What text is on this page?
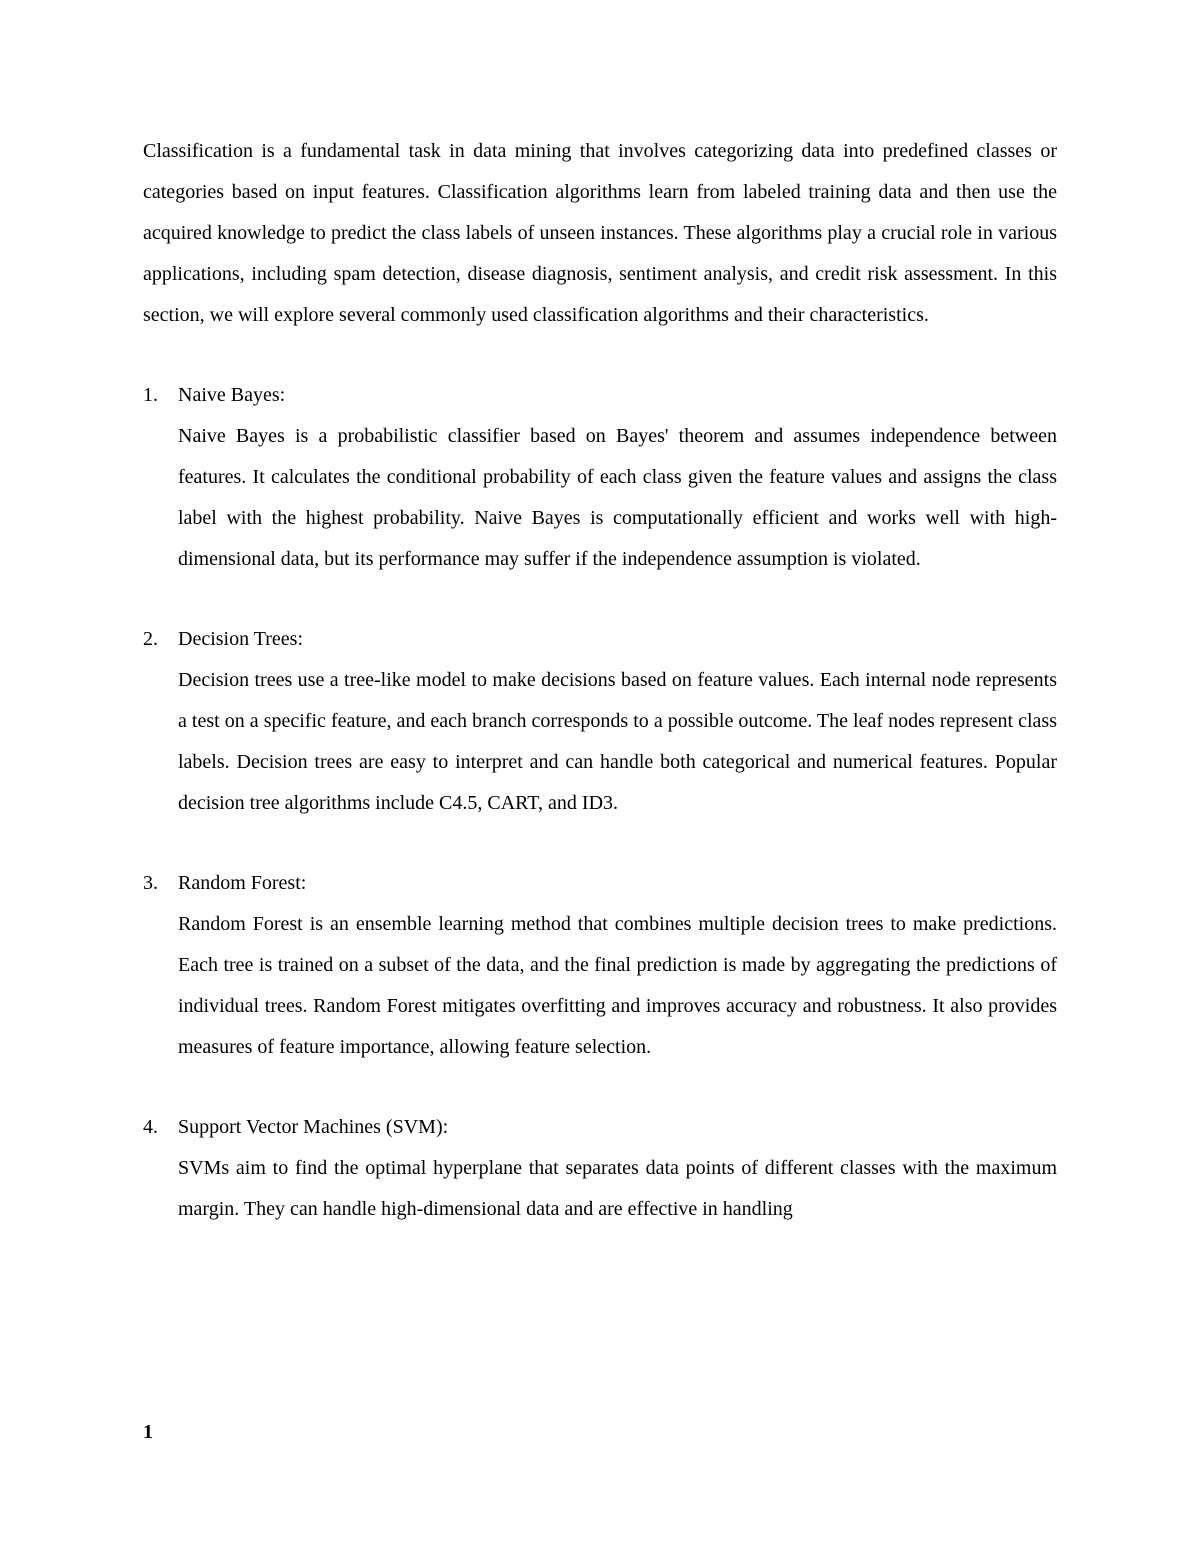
Classification is a fundamental task in data mining that involves categorizing data into predefined classes or categories based on input features. Classification algorithms learn from labeled training data and then use the acquired knowledge to predict the class labels of unseen instances. These algorithms play a crucial role in various applications, including spam detection, disease diagnosis, sentiment analysis, and credit risk assessment. In this section, we will explore several commonly used classification algorithms and their characteristics.

1.	Naive Bayes:

Naive Bayes is a probabilistic classifier based on Bayes' theorem and assumes independence between features. It calculates the conditional probability of each class given the feature values and assigns the class label with the highest probability. Naive Bayes is computationally efficient and works well with high-dimensional data, but its performance may suffer if the independence assumption is violated.

2.	Decision Trees:

Decision trees use a tree-like model to make decisions based on feature values. Each internal node represents a test on a specific feature, and each branch corresponds to a possible outcome. The leaf nodes represent class labels. Decision trees are easy to interpret and can handle both categorical and numerical features. Popular decision tree algorithms include C4.5, CART, and ID3.

3.	Random Forest:

Random Forest is an ensemble learning method that combines multiple decision trees to make predictions. Each tree is trained on a subset of the data, and the final prediction is made by aggregating the predictions of individual trees. Random Forest mitigates overfitting and improves accuracy and robustness. It also provides measures of feature importance, allowing feature selection.

4.	Support Vector Machines (SVM):

SVMs aim to find the optimal hyperplane that separates data points of different classes with the maximum margin. They can handle high-dimensional data and are effective in handling

1
